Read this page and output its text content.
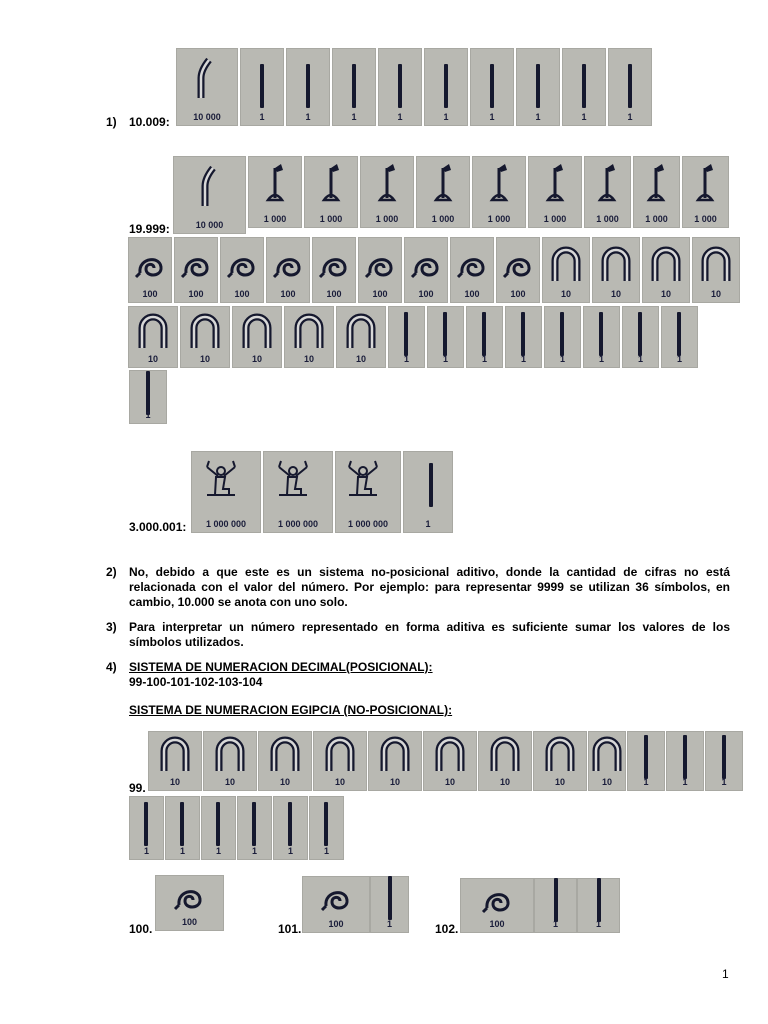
1) 10.009:	10 000	1	1	1	1	1	1	1	1	1
19.999:	10 000
1 000	1 000	1 000	1 000	1 000	1 000	1 000	1 000	1 000
100	100	100	100	100	100	100	100	100	10	10	10	10
10	10	10	10	10	1	1	1	1	1	1	1	1
1
3.000.001:	1 000 000	1 000 000	1 000 000	1
2) No, debido a que este es un sistema no-posicional aditivo, donde la cantidad de cifras no está relacionada con el valor del número. Por ejemplo: para representar 9999 se utilizan 36 símbolos, en cambio, 10.000 se anota con uno solo.

3) Para interpretar un número representado en forma aditiva es suficiente sumar los valores de los símbolos utilizados.

4) SISTEMA DE NUMERACION DECIMAL(POSICIONAL):
99-100-101-102-103-104
SISTEMA DE NUMERACION EGIPCIA (NO-POSICIONAL):
99.	10	10	10	10	10	10	10	10	10	1	1	1
1	1	1	1	1	1
100.	100	101.	100	1	102.	100	1	1
1
